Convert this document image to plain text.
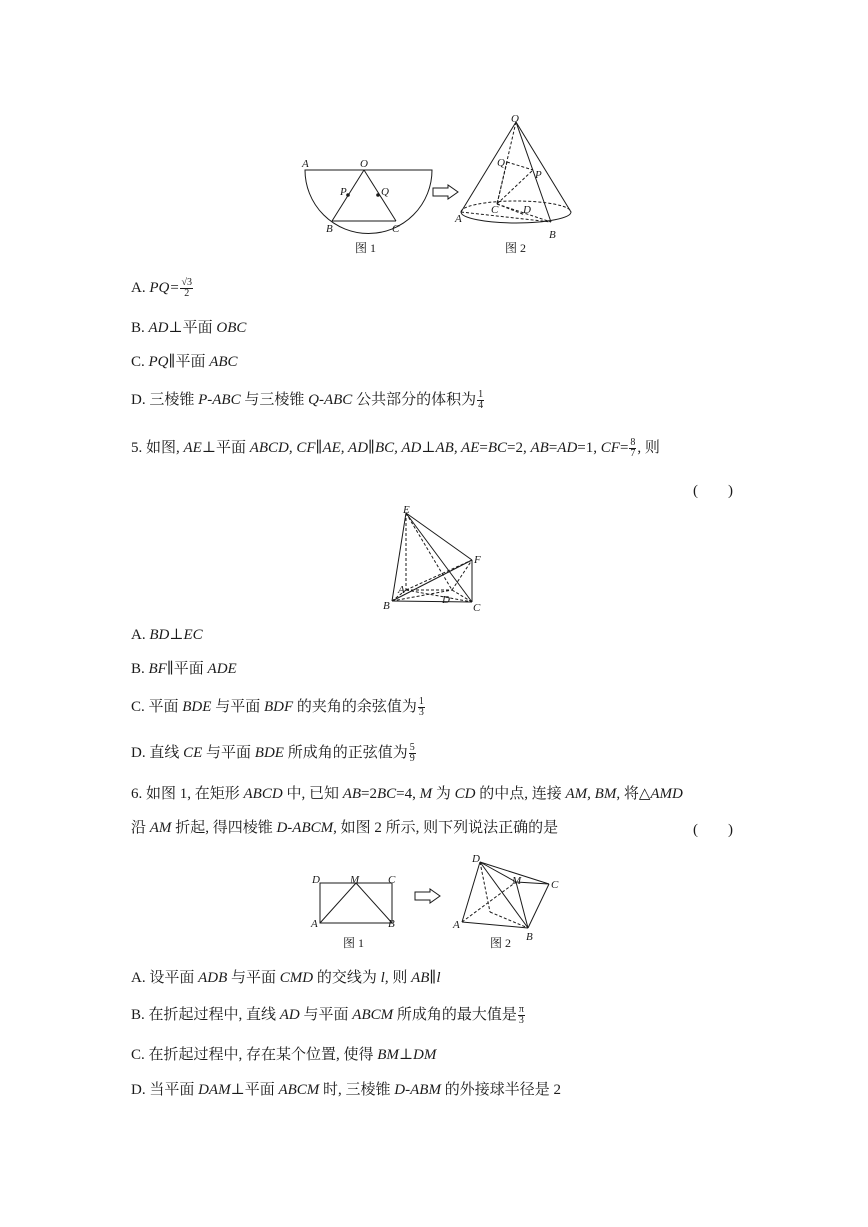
A	O
P	Q
B	C
图 1
O
Q
P
A
C D
B
图 2
A. $PQ= \frac{√3}{2}$
B. AD⊥平面 OBC
C. PQ∥平面 ABC
D. 三棱锥 P-ABC 与三棱锥 Q-ABC 公共部分的体积为 $\frac{1}{4}$
5. 如图, AE⊥平面 ABCD, CF∥AE, AD∥BC, AD⊥AB, AE=BC=2, AB=AD=1, $CF= \frac{8}{7}$ , 则
(　　)
E
F
A
D
B	C
A. BD⊥EC
B. BF∥平面 ADE
C. 平面 BDE 与平面 BDF 的夹角的余弦值为 $\frac{1}{3}$
D. 直线 CE 与平面 BDE 所成角的正弦值为 $\frac{5}{9}$
6. 如图 1, 在矩形 ABCD 中, 已知 AB=2BC=4, M 为 CD 的中点, 连接 AM, BM, 将△AMD
沿 AM 折起, 得四棱锥 D-ABCM, 如图 2 所示, 则下列说法正确的是	(　　)
D	M	C
A	B
图 1
D
M	C
A
B
图 2
A. 设平面 ADB 与平面 CMD 的交线为 l, 则 AB∥l
B. 在折起过程中, 直线 AD 与平面 ABCM 所成角的最大值是 $\frac{\pi}{3}$
C. 在折起过程中, 存在某个位置, 使得 BM⊥DM
D. 当平面 DAM⊥平面 ABCM 时, 三棱锥 D-ABM 的外接球半径是 2
